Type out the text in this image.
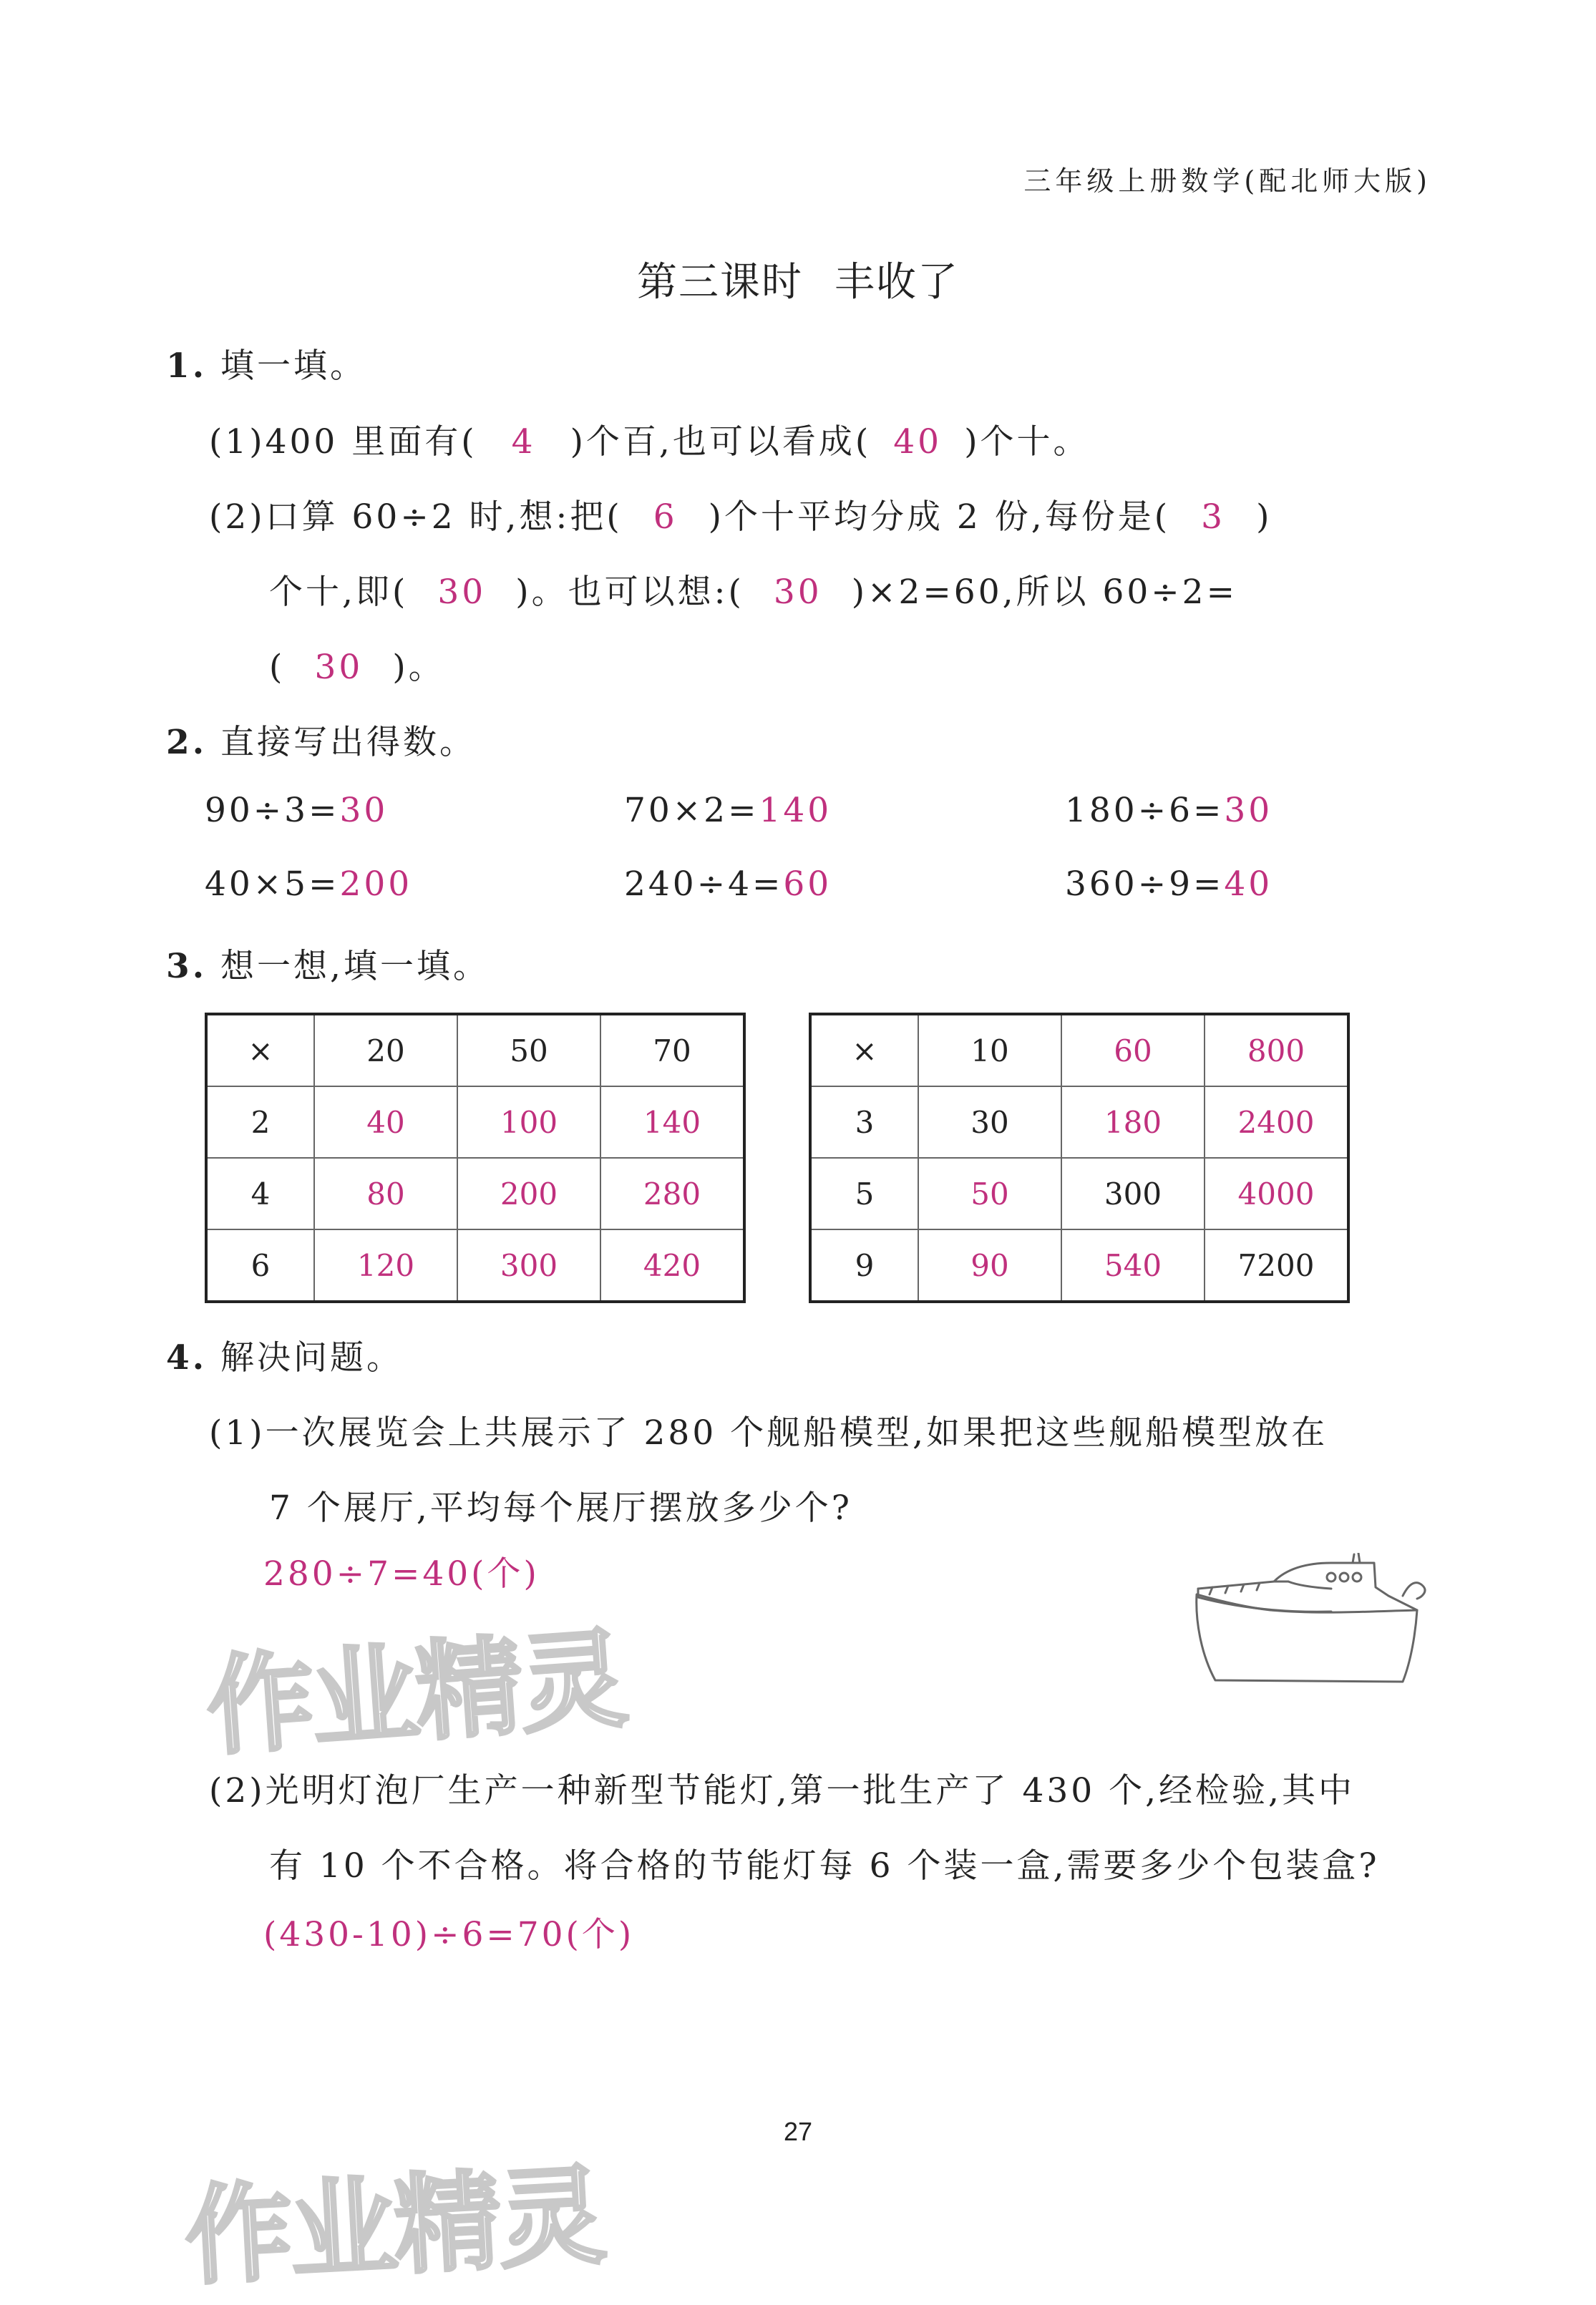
三年级上册数学(配北师大版)
第三课时 丰收了
1. 填一填。
(1)400 里面有( 4 )个百,也可以看成( 40 )个十。
(2)口算 60÷2 时,想:把( 6 )个十平均分成 2 份,每份是( 3 )
个十,即( 30 )。也可以想:( 30 )×2=60,所以 60÷2=
( 30 )。
2. 直接写出得数。
90÷3=30	70×2=140	180÷6=30
40×5=200	240÷4=60	360÷9=40
3. 想一想,填一填。
×	20	50	70
2	40	100	140
4	80	200	280
6	120	300	420
×	10	60	800
3	30	180	2400
5	50	300	4000
9	90	540	7200
4. 解决问题。
(1)一次展览会上共展示了 280 个舰船模型,如果把这些舰船模型放在
7 个展厅,平均每个展厅摆放多少个?
280÷7=40(个)
作业精灵
(2)光明灯泡厂生产一种新型节能灯,第一批生产了 430 个,经检验,其中
有 10 个不合格。将合格的节能灯每 6 个装一盒,需要多少个包装盒?
(430-10)÷6=70(个)
27
作业精灵
